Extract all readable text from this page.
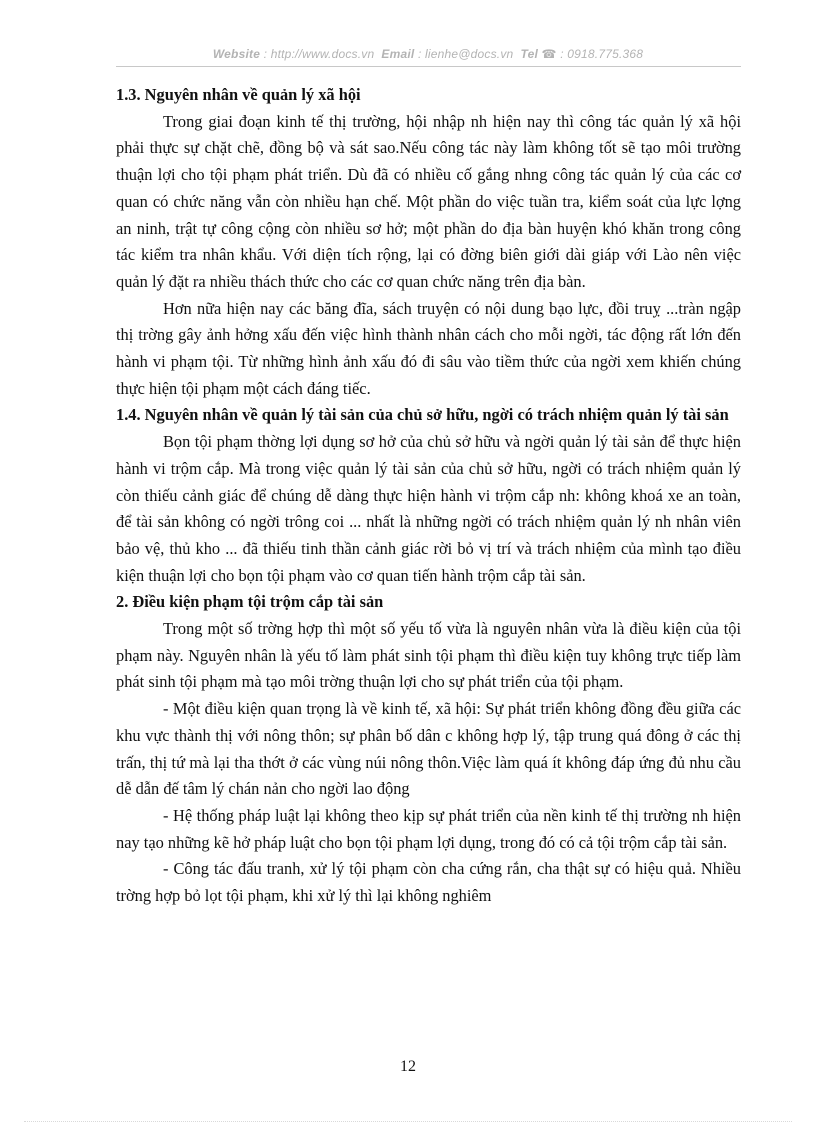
Website : http://www.docs.vn Email : lienhe@docs.vn Tel ☎ : 0918.775.368

1.3. Nguyên nhân về quản lý xã hội

Trong giai đoạn kinh tế thị trường, hội nhập nh hiện nay thì công tác quản lý xã hội phải thực sự chặt chẽ, đồng bộ và sát sao.Nếu công tác này làm không tốt sẽ tạo môi trường thuận lợi cho tội phạm phát triển. Dù đã có nhiều cố gắng nhng công tác quản lý của các cơ quan có chức năng vẫn còn nhiều hạn chế. Một phần do việc tuần tra, kiểm soát của lực lợng an ninh, trật tự công cộng còn nhiều sơ hở; một phần do địa bàn huyện khó khăn trong công tác kiểm tra nhân khẩu. Với diện tích rộng, lại có đờng biên giới dài giáp với Lào nên việc quản lý đặt ra nhiều thách thức cho các cơ quan chức năng trên địa bàn.

Hơn nữa hiện nay các băng đĩa, sách truyện có nội dung bạo lực, đồi truỵ ...tràn ngập thị trờng gây ảnh hởng xấu đến việc hình thành nhân cách cho mỗi ngời, tác động rất lớn đến hành vi phạm tội. Từ những hình ảnh xấu đó đi sâu vào tiềm thức của ngời xem khiến chúng thực hiện tội phạm một cách đáng tiếc.

1.4. Nguyên nhân về quản lý tài sản của chủ sở hữu, ngời có trách nhiệm quản lý tài sản

Bọn tội phạm thờng lợi dụng sơ hở của chủ sở hữu và ngời quản lý tài sản để thực hiện hành vi trộm cắp. Mà trong việc quản lý tài sản của chủ sở hữu, ngời có trách nhiệm quản lý còn thiếu cảnh giác để chúng dễ dàng thực hiện hành vi trộm cắp nh: không khoá xe an toàn, để tài sản không có ngời trông coi ... nhất là những ngời có trách nhiệm quản lý nh nhân viên bảo vệ, thủ kho ... đã thiếu tinh thần cảnh giác rời bỏ vị trí và trách nhiệm của mình tạo điều kiện thuận lợi cho bọn tội phạm vào cơ quan tiến hành trộm cắp tài sản.

2. Điều kiện phạm tội trộm cắp tài sản

Trong một số trờng hợp thì một số yếu tố vừa là nguyên nhân vừa là điều kiện của tội phạm này. Nguyên nhân là yếu tố làm phát sinh tội phạm thì điều kiện tuy không trực tiếp làm phát sinh tội phạm mà tạo môi trờng thuận lợi cho sự phát triển của tội phạm.

- Một điều kiện quan trọng là về kinh tế, xã hội: Sự phát triển không đồng đều giữa các khu vực thành thị với nông thôn; sự phân bố dân c không hợp lý, tập trung quá đông ở các thị trấn, thị tứ mà lại tha thớt ở các vùng núi nông thôn.Việc làm quá ít không đáp ứng đủ nhu cầu dễ dẫn đế tâm lý chán nản cho ngời lao động

- Hệ thống pháp luật lại không theo kịp sự phát triển của nền kinh tế thị trường nh hiện nay tạo những kẽ hở pháp luật cho bọn tội phạm lợi dụng, trong đó có cả tội trộm cắp tài sản.

- Công tác đấu tranh, xử lý tội phạm còn cha cứng rắn, cha thật sự có hiệu quả. Nhiều trờng hợp bỏ lọt tội phạm, khi xử lý thì lại không nghiêm

12
